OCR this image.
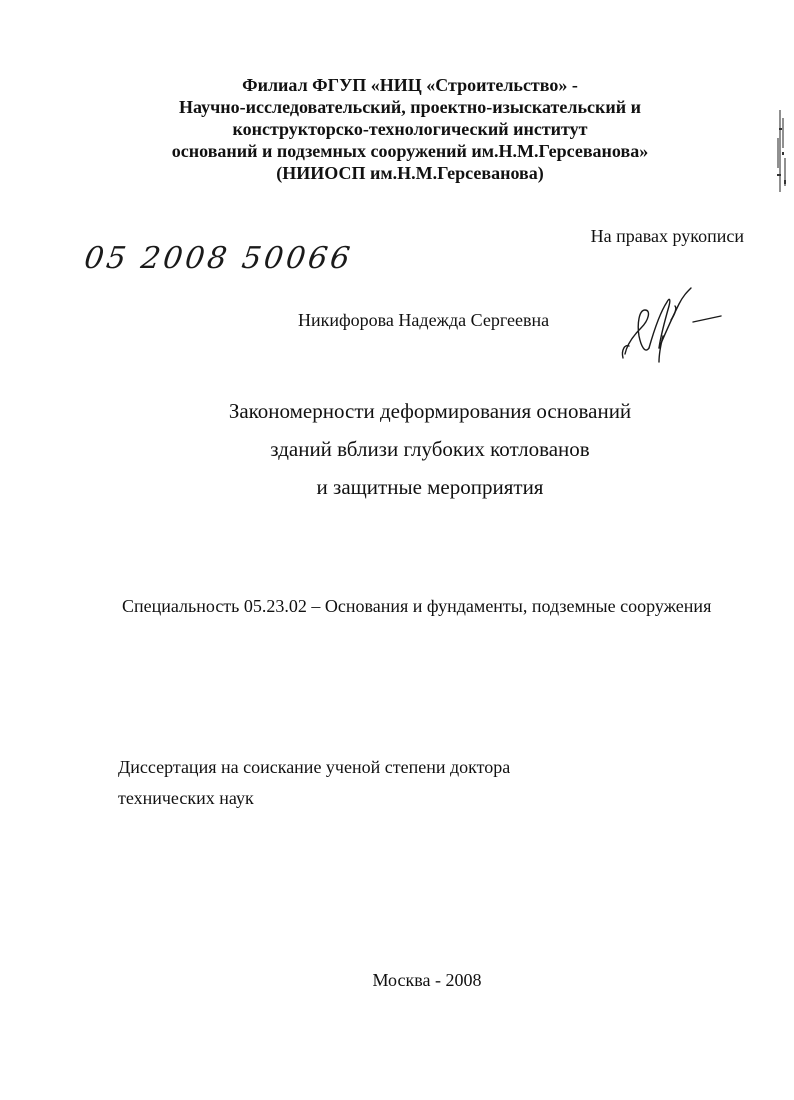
Филиал ФГУП «НИЦ «Строительство» -
Научно-исследовательский, проектно-изыскательский и
конструкторско-технологический институт
оснований и подземных сооружений им.Н.М.Герсеванова»
(НИИОСП им.Н.М.Герсеванова)
На правах рукописи
05 2008 50066
Никифорова Надежда Сергеевна
Закономерности деформирования оснований
зданий вблизи глубоких котлованов
и защитные мероприятия
Специальность 05.23.02 – Основания и фундаменты, подземные сооружения
Диссертация на соискание ученой степени доктора
технических наук
Москва - 2008
